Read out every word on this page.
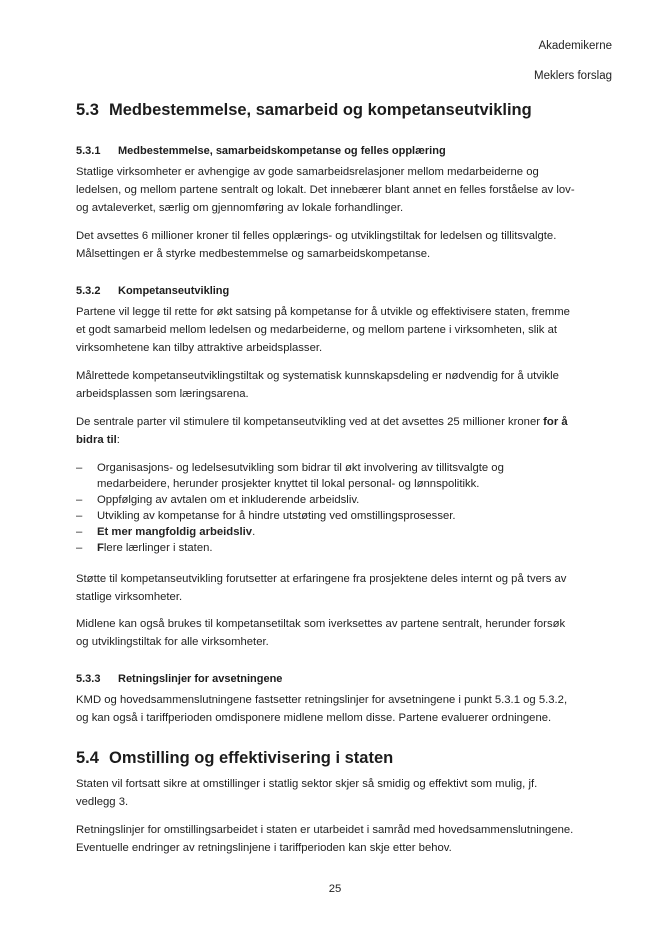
Akademikerne
Meklers forslag
5.3 Medbestemmelse, samarbeid og kompetanseutvikling
5.3.1 Medbestemmelse, samarbeidskompetanse og felles opplæring
Statlige virksomheter er avhengige av gode samarbeidsrelasjoner mellom medarbeiderne og
ledelsen, og mellom partene sentralt og lokalt. Det innebærer blant annet en felles forståelse av lov-
og avtaleverket, særlig om gjennomføring av lokale forhandlinger.
Det avsettes 6 millioner kroner til felles opplærings- og utviklingstiltak for ledelsen og tillitsvalgte.
Målsettingen er å styrke medbestemmelse og samarbeidskompetanse.
5.3.2 Kompetanseutvikling
Partene vil legge til rette for økt satsing på kompetanse for å utvikle og effektivisere staten, fremme
et godt samarbeid mellom ledelsen og medarbeiderne, og mellom partene i virksomheten, slik at
virksomhetene kan tilby attraktive arbeidsplasser.
Målrettede kompetanseutviklingstiltak og systematisk kunnskapsdeling er nødvendig for å utvikle
arbeidsplassen som læringsarena.
De sentrale parter vil stimulere til kompetanseutvikling ved at det avsettes 25 millioner kroner for å
bidra til:
– Organisasjons- og ledelsesutvikling som bidrar til økt involvering av tillitsvalgte og
medarbeidere, herunder prosjekter knyttet til lokal personal- og lønnspolitikk.
– Oppfølging av avtalen om et inkluderende arbeidsliv.
– Utvikling av kompetanse for å hindre utstøting ved omstillingsprosesser.
– Et mer mangfoldig arbeidsliv.
– Flere lærlinger i staten.
Støtte til kompetanseutvikling forutsetter at erfaringene fra prosjektene deles internt og på tvers av
statlige virksomheter.
Midlene kan også brukes til kompetansetiltak som iverksettes av partene sentralt, herunder forsøk
og utviklingstiltak for alle virksomheter.
5.3.3 Retningslinjer for avsetningene
KMD og hovedsammenslutningene fastsetter retningslinjer for avsetningene i punkt 5.3.1 og 5.3.2,
og kan også i tariffperioden omdisponere midlene mellom disse. Partene evaluerer ordningene.
5.4 Omstilling og effektivisering i staten
Staten vil fortsatt sikre at omstillinger i statlig sektor skjer så smidig og effektivt som mulig, jf.
vedlegg 3.
Retningslinjer for omstillingsarbeidet i staten er utarbeidet i samråd med hovedsammenslutningene.
Eventuelle endringer av retningslinjene i tariffperioden kan skje etter behov.
25
